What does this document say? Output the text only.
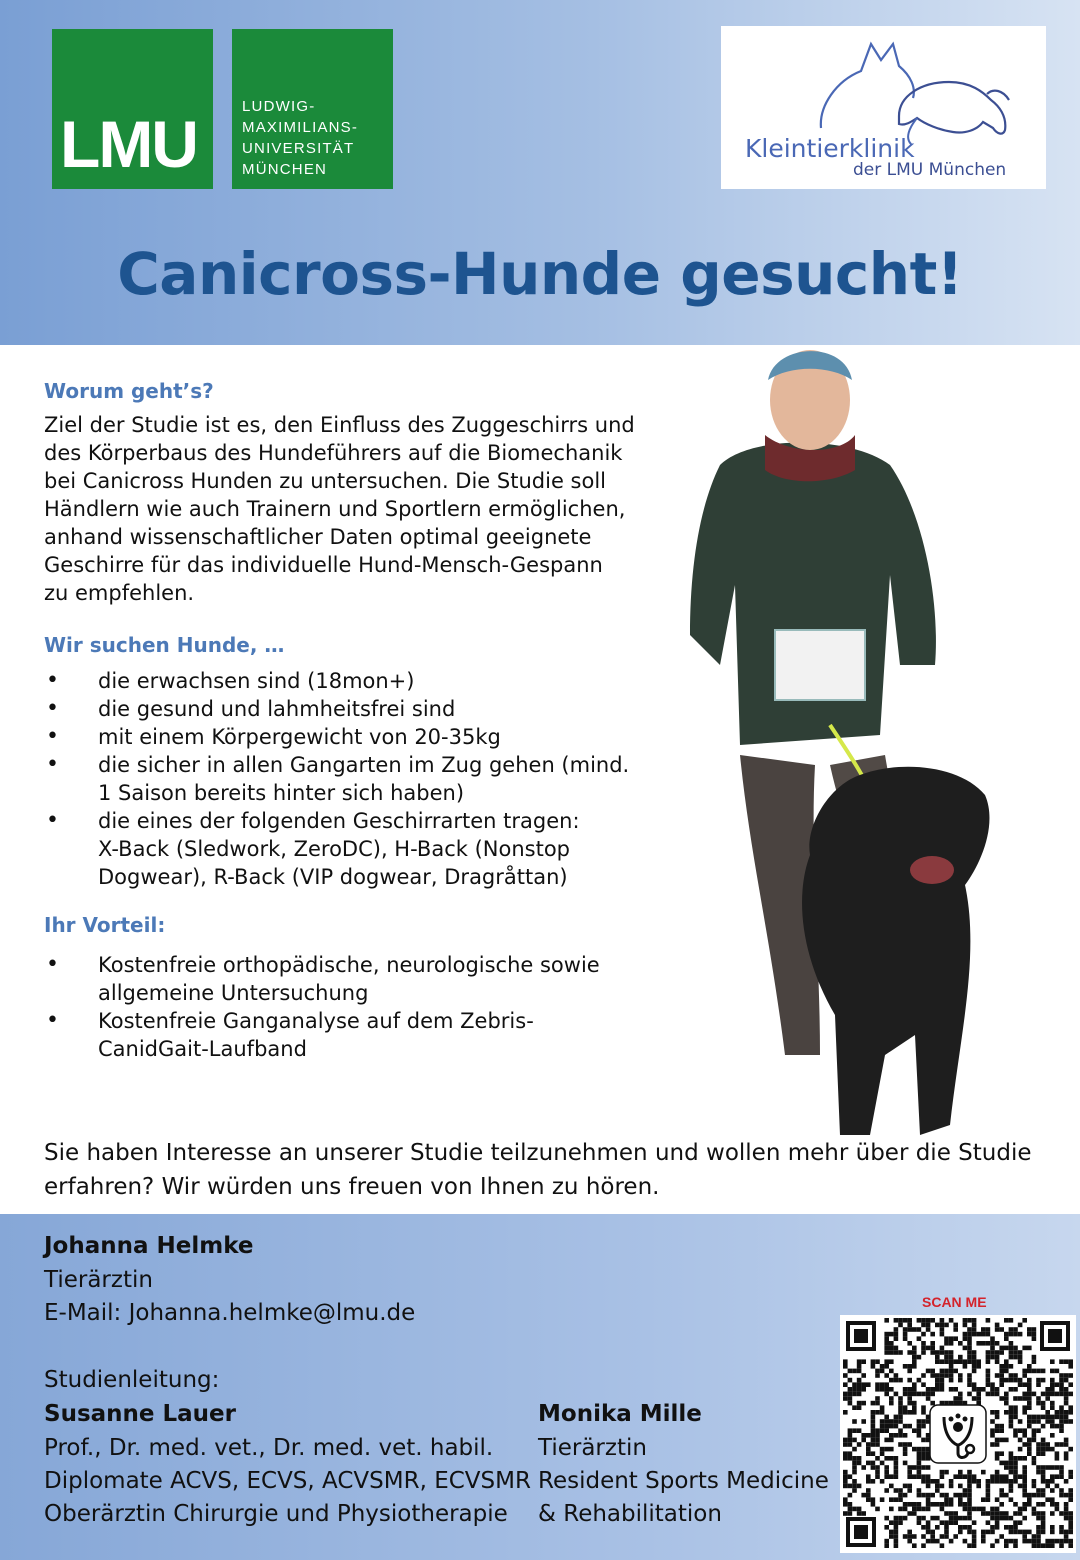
LMU
LUDWIG-
MAXIMILIANS-
UNIVERSITÄT
MÜNCHEN
Kleintierklinik
der LMU München
Canicross-Hunde gesucht!
Worum geht’s?
Ziel der Studie ist es, den Einfluss des Zuggeschirrs und
des Körperbaus des Hundeführers auf die Biomechanik
bei Canicross Hunden zu untersuchen. Die Studie soll
Händlern wie auch Trainern und Sportlern ermöglichen,
anhand wissenschaftlicher Daten optimal geeignete
Geschirre für das individuelle Hund-Mensch-Gespann
zu empfehlen.
Wir suchen Hunde, …
• die erwachsen sind (18mon+)
• die gesund und lahmheitsfrei sind
• mit einem Körpergewicht von 20-35kg
• die sicher in allen Gangarten im Zug gehen (mind.
1 Saison bereits hinter sich haben)
• die eines der folgenden Geschirrarten tragen:
X-Back (Sledwork, ZeroDC), H-Back (Nonstop
Dogwear), R-Back (VIP dogwear, Dragråttan)
Ihr Vorteil:
• Kostenfreie orthopädische, neurologische sowie
allgemeine Untersuchung
• Kostenfreie Ganganalyse auf dem Zebris-
CanidGait-Laufband
Sie haben Interesse an unserer Studie teilzunehmen und wollen mehr über die Studie
erfahren? Wir würden uns freuen von Ihnen zu hören.
Johanna Helmke
Tierärztin
E-Mail: Johanna.helmke@lmu.de
Studienleitung:
Susanne Lauer
Prof., Dr. med. vet., Dr. med. vet. habil.
Diplomate ACVS, ECVS, ACVSMR, ECVSMR
Oberärztin Chirurgie und Physiotherapie
Monika Mille
Tierärztin
Resident Sports Medicine
& Rehabilitation
SCAN ME
